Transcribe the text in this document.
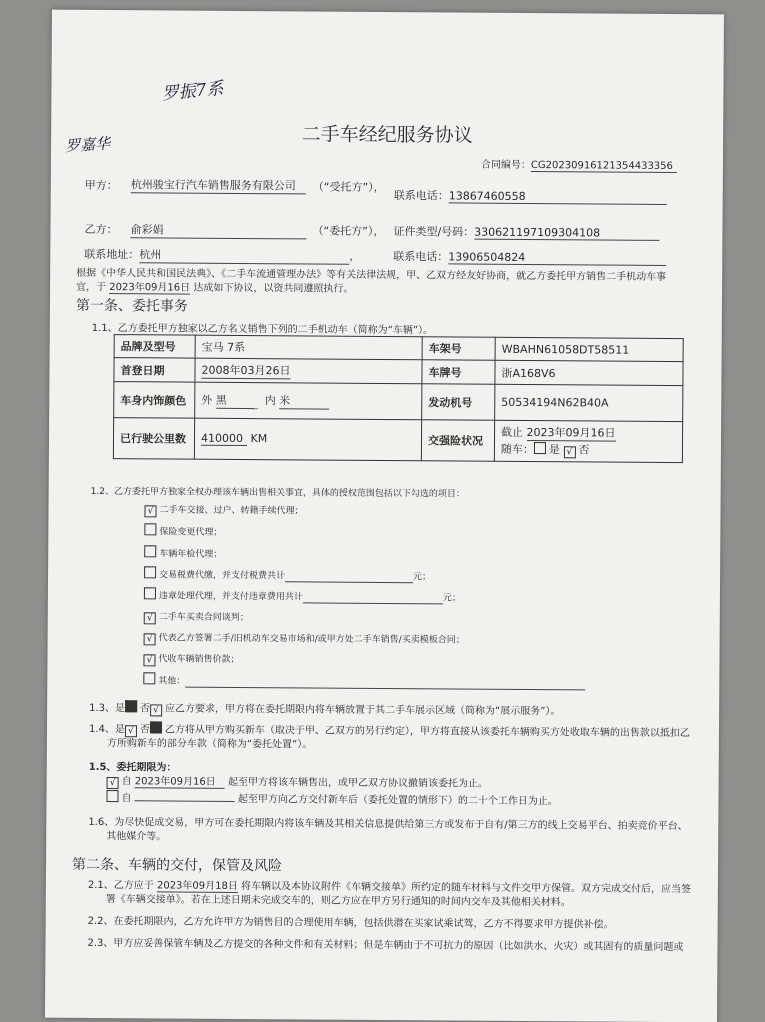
罗振7系
罗嘉华	二手车经纪服务协议
合同编号：CG20230916121354433356
甲方： 杭州骏宝行汽车销售服务有限公司	（“受托方”），
联系电话：13867460558
乙方： 俞彩娟	（“委托方”）， 证件类型/号码：330621197109304108
联系地址：杭州	，	联系电话：13906504824
根据《中华人民共和国民法典》、《二手车流通管理办法》等有关法律法规，甲、乙双方经友好协商，就乙方委托甲方销售二手机动车事
宜，于 2023年09月16日 达成如下协议，以资共同遵照执行。
第一条、委托事务
1.1、乙方委托甲方独家以乙方名义销售下列的二手机动车（简称为“车辆”）。
品牌及型号	宝马 7系	车架号	WBAHN61058DT58511
首登日期	2008年03月26日	车牌号	浙A168V6
车身内饰颜色	外 黑 内 米	发动机号	50534194N62B40A
已行驶公里数	410000 KM	交强险状况	截止 2023年09月16日
随车： 是 √ 否
1.2、乙方委托甲方独家全权办理该车辆出售相关事宜，具体的授权范围包括以下勾选的项目：
√ 二手车交接、过户、转籍手续代理；
保险变更代理；
车辆年检代理；
交易税费代缴，并支付税费共计	元；
违章处理代理，并支付违章费用共计	元；
√ 二手车买卖合同谈判；
√ 代表乙方签署二手/旧机动车交易市场和/或甲方处二手车销售/买卖模板合同；
√ 代收车辆销售价款；
其他：
1.3、是 否 √ 应乙方要求，甲方将在委托期限内将车辆放置于其二手车展示区域（简称为“展示服务”）。
1.4、是 √ 否 乙方将从甲方购买新车（取决于甲、乙双方的另行约定），甲方将直接从该委托车辆购买方处收取车辆的出售款以抵扣乙
方所购新车的部分车款（简称为“委托处置”）。
1.5、委托期限为：
√ 自 2023年09月16日 起至甲方将该车辆售出，或甲乙双方协议撤销该委托为止。
自	起至甲方向乙方交付新车后（委托处置的情形下）的二十个工作日为止。
1.6、为尽快促成交易，甲方可在委托期限内将该车辆及其相关信息提供给第三方或发布于自有/第三方的线上交易平台、拍卖竞价平台、
其他媒介等。
第二条、车辆的交付，保管及风险
2.1、乙方应于 2023年09月18日 将车辆以及本协议附件《车辆交接单》所约定的随车材料与文件交甲方保管。双方完成交付后，应当签
署《车辆交接单》。若在上述日期未完成交车的，则乙方应在甲方另行通知的时间内交车及其他相关材料。
2.2、在委托期限内，乙方允许甲方为销售目的合理使用车辆，包括供潜在买家试乘试驾，乙方不得要求甲方提供补偿。
2.3、甲方应妥善保管车辆及乙方提交的各种文件和有关材料；但是车辆由于不可抗力的原因（比如洪水、火灾）或其固有的质量问题或
